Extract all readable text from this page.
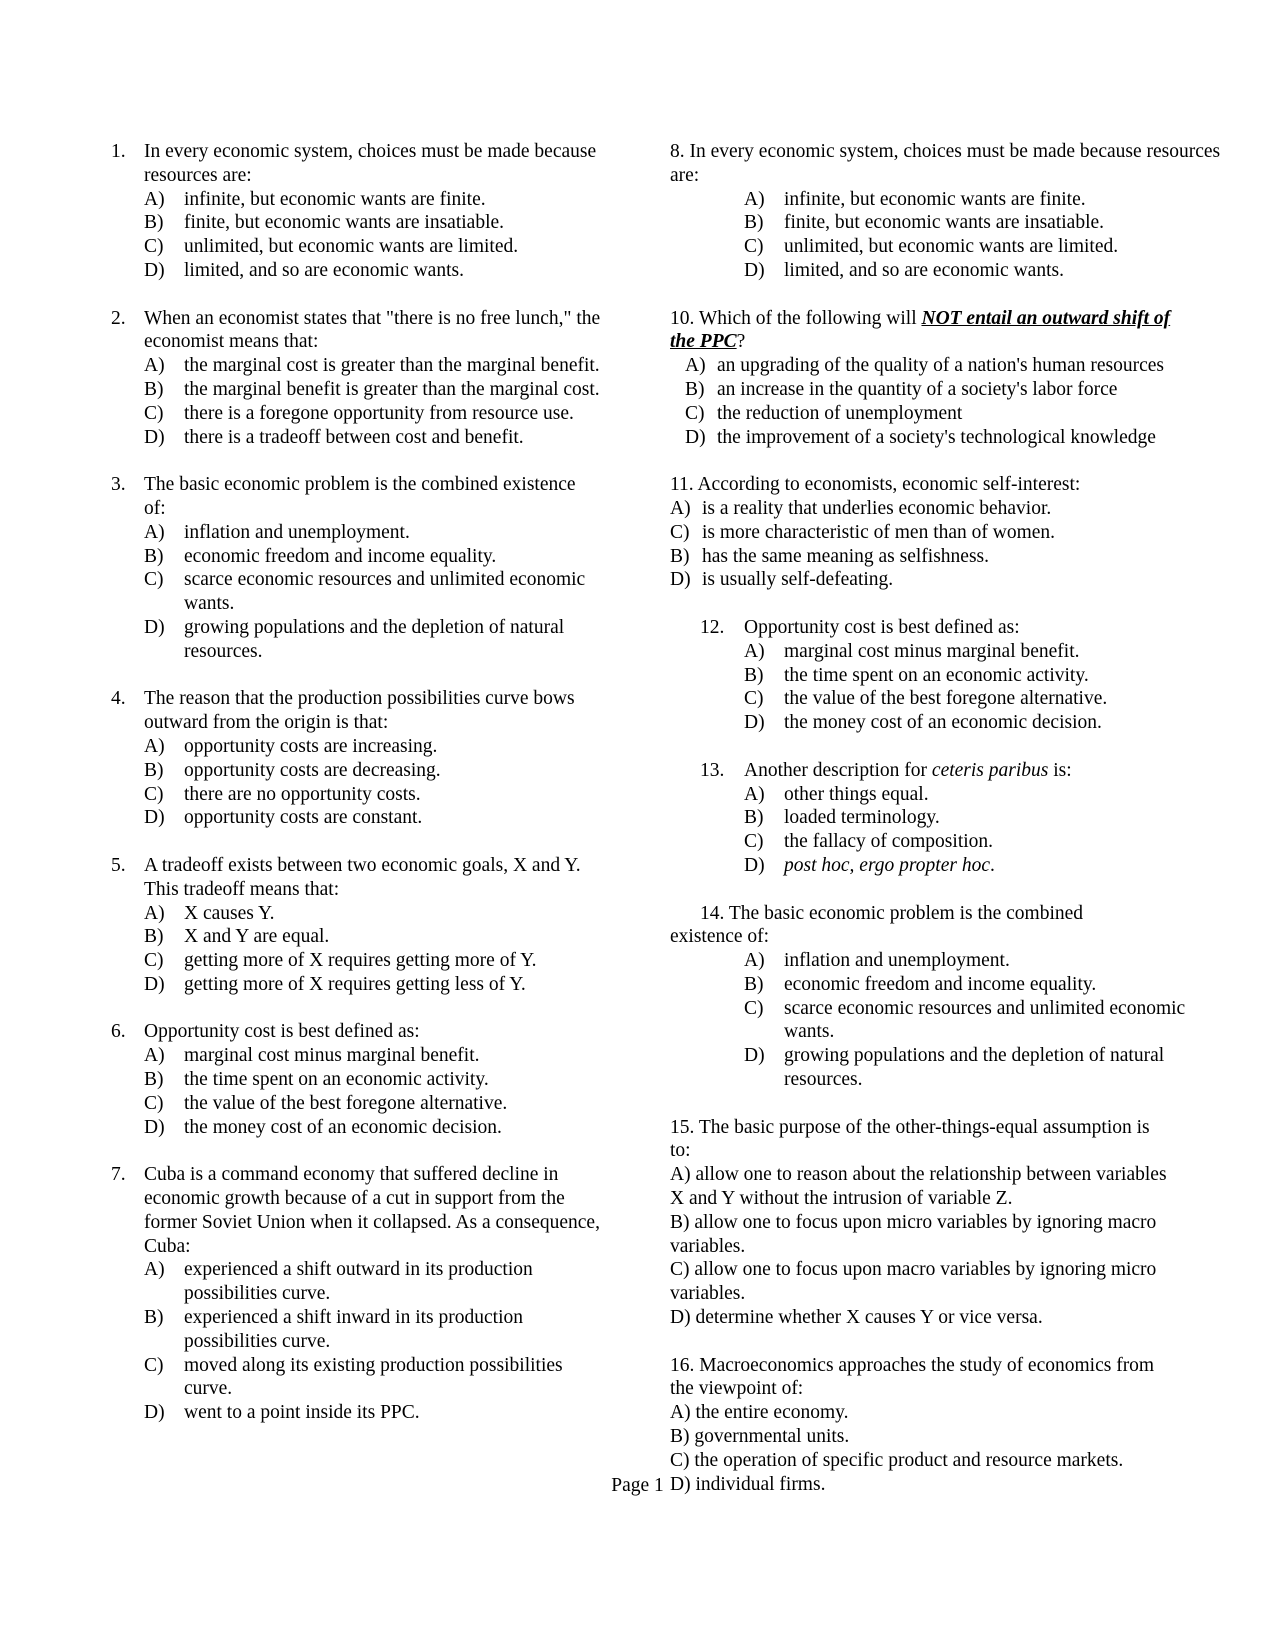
1. In every economic system, choices must be made because resources are:
A) infinite, but economic wants are finite.
B)	finite, but economic wants are insatiable.
C)	unlimited, but economic wants are limited.
D) limited, and so are economic wants.
2. When an economist states that "there is no free lunch," the economist means that:
A) the marginal cost is greater than the marginal benefit.
B)	the marginal benefit is greater than the marginal cost.
C)	there is a foregone opportunity from resource use.
D) there is a tradeoff between cost and benefit.
3. The basic economic problem is the combined existence of:
A) inflation and unemployment.
B)	economic freedom and income equality.
C)	scarce economic resources and unlimited economic wants.
D) growing populations and the depletion of natural resources.
4. The reason that the production possibilities curve bows outward from the origin is that:
A) opportunity costs are increasing.
B)	opportunity costs are decreasing.
C)	there are no opportunity costs.
D) opportunity costs are constant.
5. A tradeoff exists between two economic goals, X and Y. This tradeoff means that:
A) X causes Y.
B)	X and Y are equal.
C)	getting more of X requires getting more of Y.
D) getting more of X requires getting less of Y.
6. Opportunity cost is best defined as:
A) marginal cost minus marginal benefit.
B)	the time spent on an economic activity.
C)	the value of the best foregone alternative.
D) the money cost of an economic decision.
7. Cuba is a command economy that suffered decline in economic growth because of a cut in support from the former Soviet Union when it collapsed. As a consequence, Cuba:
A) experienced a shift outward in its production possibilities curve.
B)	experienced a shift inward in its production possibilities curve.
C)	moved along its existing production possibilities curve.
D) went to a point inside its PPC.
8. In every economic system, choices must be made because resources are:
A) infinite, but economic wants are finite.
B)	finite, but economic wants are insatiable.
C)	unlimited, but economic wants are limited.
D) limited, and so are economic wants.
10. Which of the following will NOT entail an outward shift of the PPC?
A) an upgrading of the quality of a nation's human resources
B) an increase in the quantity of a society's labor force
C) the reduction of unemployment
D) the improvement of a society's technological knowledge
11. According to economists, economic self-interest:
A) is a reality that underlies economic behavior.
C) is more characteristic of men than of women.
B) has the same meaning as selfishness.
D) is usually self-defeating.
12. Opportunity cost is best defined as:
A) marginal cost minus marginal benefit.
B)	the time spent on an economic activity.
C)	the value of the best foregone alternative.
D) the money cost of an economic decision.
13. Another description for ceteris paribus is:
A) other things equal.
B)	loaded terminology.
C)	the fallacy of composition.
D) post hoc, ergo propter hoc.
14. The basic economic problem is the combined
existence of:
A) inflation and unemployment.
B)	economic freedom and income equality.
C)	scarce economic resources and unlimited economic wants.
D) growing populations and the depletion of natural resources.
15. The basic purpose of the other-things-equal assumption is to:
A) allow one to reason about the relationship between variables X and Y without the intrusion of variable Z.
B) allow one to focus upon micro variables by ignoring macro variables.
C) allow one to focus upon macro variables by ignoring micro variables.
D) determine whether X causes Y or vice versa.
16. Macroeconomics approaches the study of economics from the viewpoint of:
A) the entire economy.
B) governmental units.
C) the operation of specific product and resource markets.
D) individual firms.
Page 1
